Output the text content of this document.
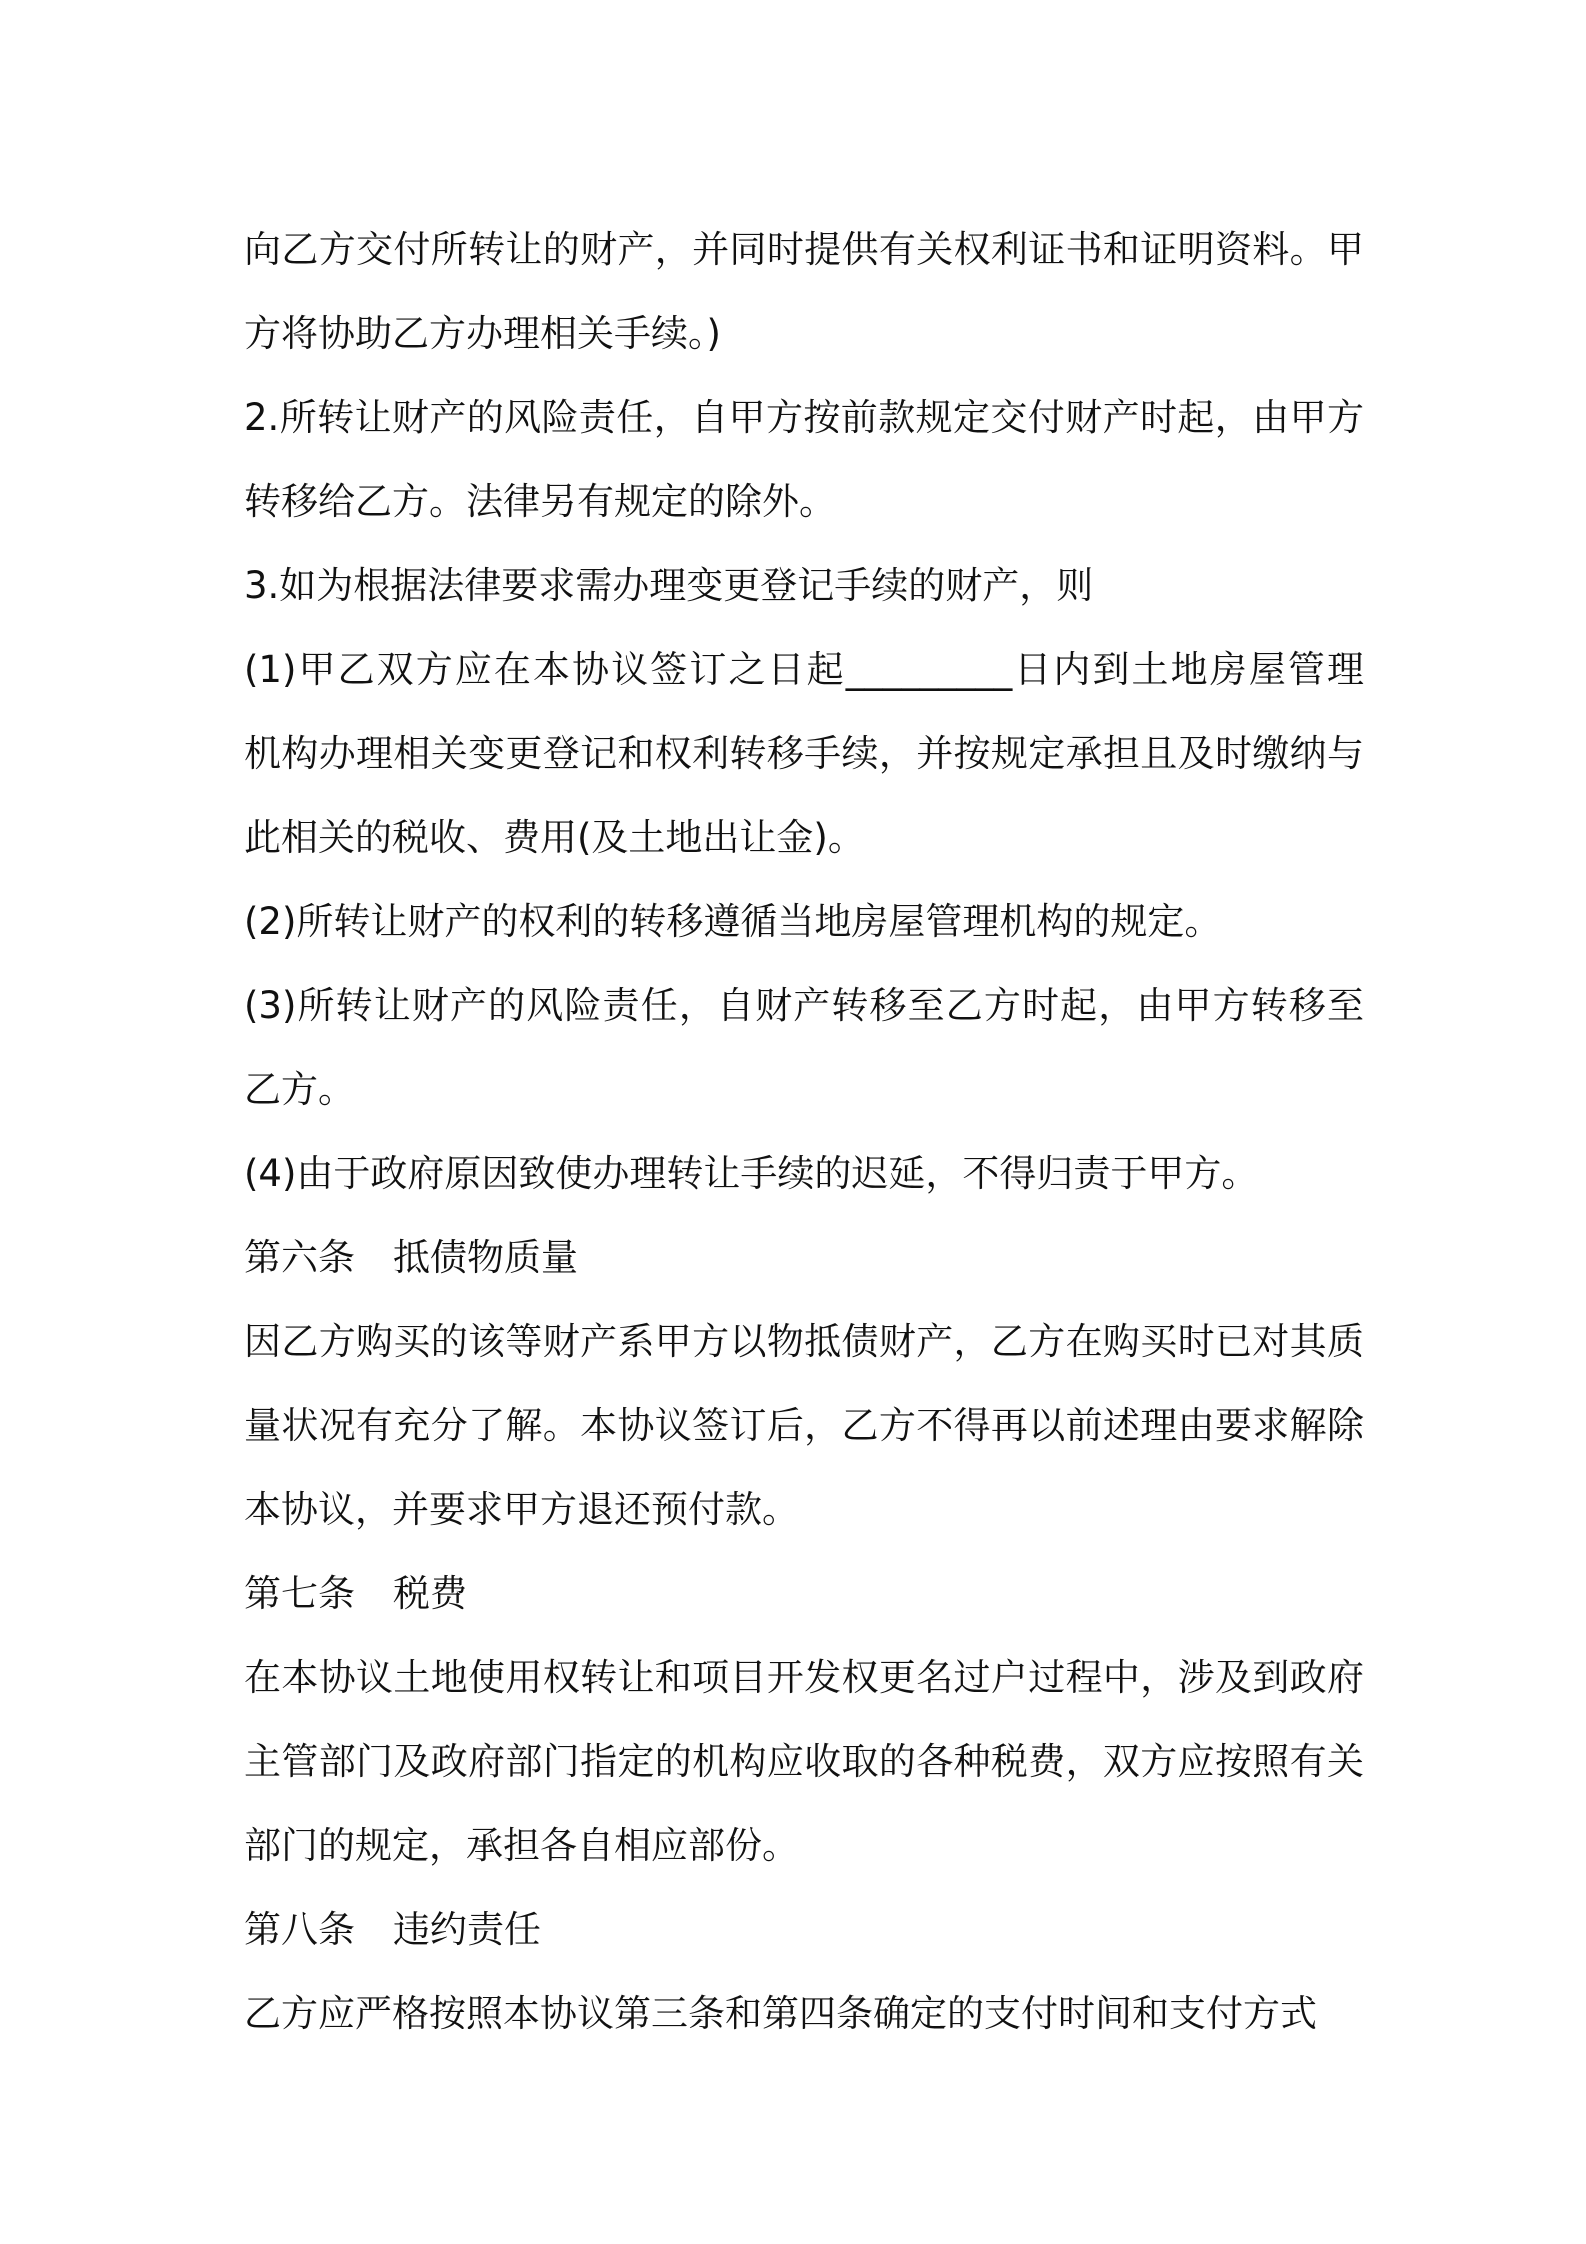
向乙方交付所转让的财产，并同时提供有关权利证书和证明资料。甲
方将协助乙方办理相关手续。)
2.所转让财产的风险责任，自甲方按前款规定交付财产时起，由甲方
转移给乙方。法律另有规定的除外。
3.如为根据法律要求需办理变更登记手续的财产，则
(1)甲乙双方应在本协议签订之日起_________日内到土地房屋管理
机构办理相关变更登记和权利转移手续，并按规定承担且及时缴纳与
此相关的税收、费用(及土地出让金)。
(2)所转让财产的权利的转移遵循当地房屋管理机构的规定。
(3)所转让财产的风险责任，自财产转移至乙方时起，由甲方转移至
乙方。
(4)由于政府原因致使办理转让手续的迟延，不得归责于甲方。
第六条 抵债物质量
因乙方购买的该等财产系甲方以物抵债财产，乙方在购买时已对其质
量状况有充分了解。本协议签订后，乙方不得再以前述理由要求解除
本协议，并要求甲方退还预付款。
第七条 税费
在本协议土地使用权转让和项目开发权更名过户过程中，涉及到政府
主管部门及政府部门指定的机构应收取的各种税费，双方应按照有关
部门的规定，承担各自相应部份。
第八条 违约责任
乙方应严格按照本协议第三条和第四条确定的支付时间和支付方式
